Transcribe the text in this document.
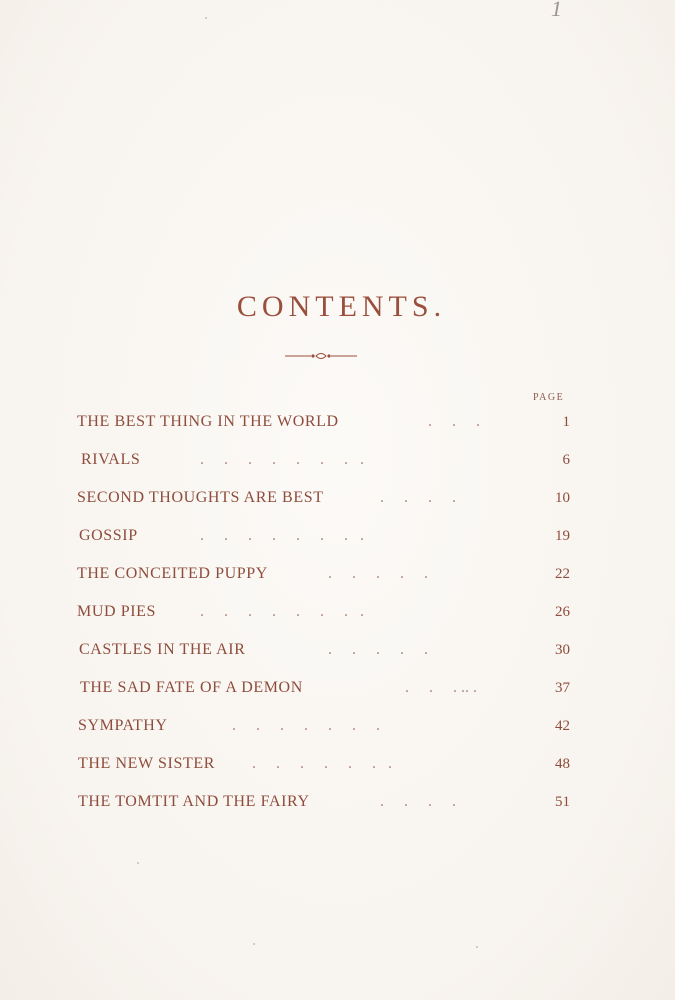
1
CONTENTS.
PAGE
THE BEST THING IN THE WORLD	.     .     .	1
RIVALS	.     .     .     .     .     .     .   .	6
SECOND THOUGHTS ARE BEST	.     .     .     .	10
GOSSIP	.     .     .     .     .     .     .   .	19
THE CONCEITED PUPPY	.     .     .     .     .	22
MUD PIES	.     .     .     .     .     .     .   .	26
CASTLES IN THE AIR	.     .     .     .     .	30
THE SAD FATE OF A DEMON	.     .     . .. .	37
SYMPATHY	.     .     .     .     .     .     .	42
THE NEW SISTER .     .     .     .     .     .   .	48
THE TOMTIT AND THE FAIRY	.     .     .     .	51
